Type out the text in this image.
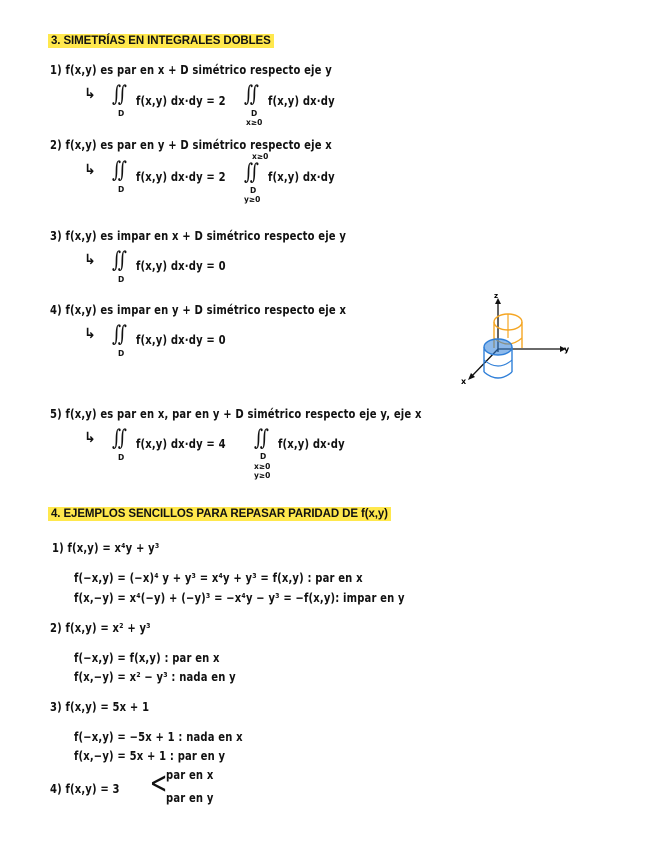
3. SIMETRÍAS EN INTEGRALES DOBLES
1) f(x,y) es par en x + D simétrico respecto eje y
↳ ∬
D
f(x,y) dx·dy = 2 ∬
D
x≥0
f(x,y) dx·dy
2) f(x,y) es par en y + D simétrico respecto eje x
x≥0
↳ ∬
D
f(x,y) dx·dy = 2 ∬
D
y≥0
f(x,y) dx·dy
3) f(x,y) es impar en x + D simétrico respecto eje y
↳ ∬
D
f(x,y) dx·dy = 0
4) f(x,y) es impar en y + D simétrico respecto eje x
↳ ∬
D
f(x,y) dx·dy = 0
z
y
x
5) f(x,y) es par en x, par en y + D simétrico respecto eje y, eje x
↳ ∬
D
f(x,y) dx·dy = 4 ∬
D
x≥0
y≥0
f(x,y) dx·dy
4. EJEMPLOS SENCILLOS PARA REPASAR PARIDAD DE f(x,y)
1) f(x,y) = x⁴y + y³
f(−x,y) = (−x)⁴ y + y³ = x⁴y + y³ = f(x,y) : par en x
f(x,−y) = x⁴(−y) + (−y)³ = −x⁴y − y³ = −f(x,y): impar en y
2) f(x,y) = x² + y³
f(−x,y) = f(x,y) : par en x
f(x,−y) = x² − y³ : nada en y
3) f(x,y) = 5x + 1
f(−x,y) = −5x + 1 : nada en x
f(x,−y) = 5x + 1 : par en y
4) f(x,y) = 3 <
par en x
par en y
